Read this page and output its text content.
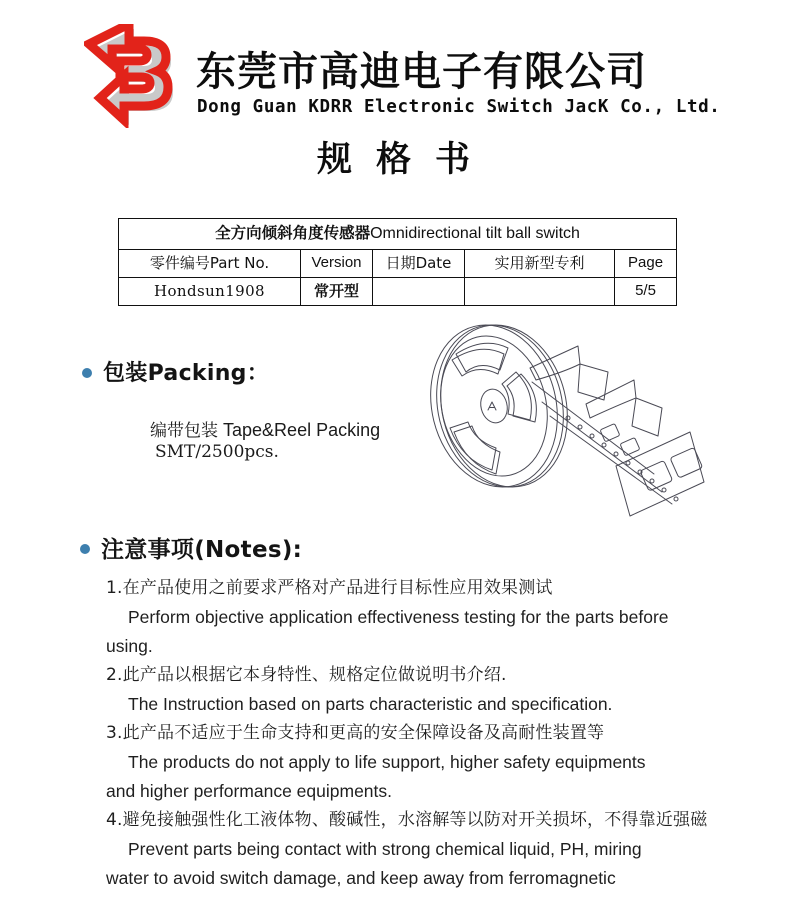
东莞市高迪电子有限公司
Dong Guan KDRR Electronic Switch JacK Co., Ltd.
规格书
全方向倾斜角度传感器Omnidirectional tilt ball switch				
零件编号Part No.	Version	日期Date	实用新型专利	Page
Hondsun1908	常开型			5/5
包装Packing：
编带包装 Tape&Reel Packing
SMT/2500pcs.
注意事项(Notes):
1.在产品使用之前要求严格对产品进行目标性应用效果测试
Perform objective application effectiveness testing for the parts before
using.
2.此产品以根据它本身特性、规格定位做说明书介绍.
The Instruction based on parts characteristic and specification.
3.此产品不适应于生命支持和更高的安全保障设备及高耐性装置等
The products do not apply to life support, higher safety equipments
and higher performance equipments.
4.避免接触强性化工液体物、酸碱性，水溶解等以防对开关损坏，不得靠近强磁
Prevent parts being contact with strong chemical liquid, PH, miring
water to avoid switch damage, and keep away from ferromagnetic
